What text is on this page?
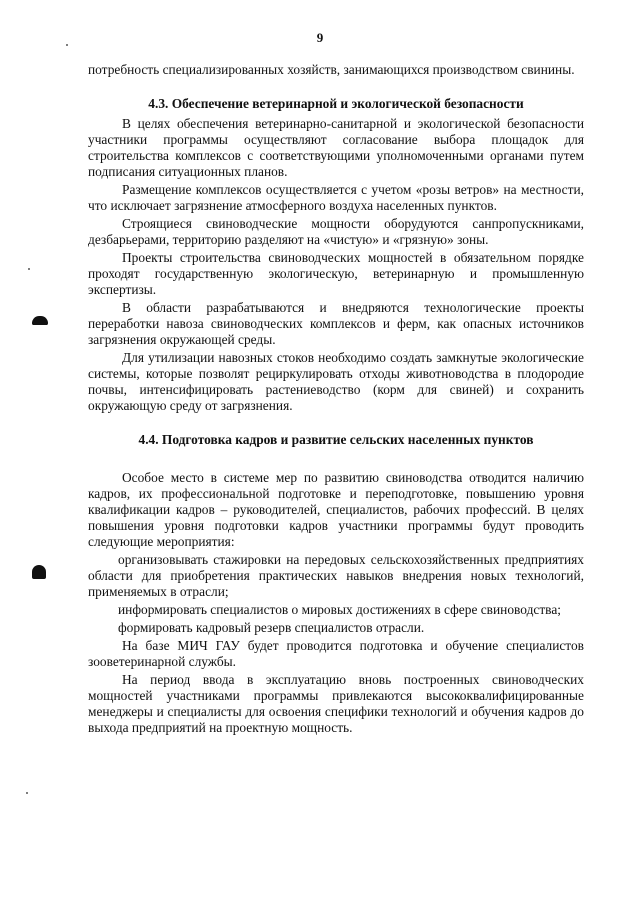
9

потребность специализированных хозяйств, занимающихся производством свинины.

4.3. Обеспечение ветеринарной и экологической безопасности

В целях обеспечения ветеринарно-санитарной и экологической безопасности участники программы осуществляют согласование выбора площадок для строительства комплексов с соответствующими уполномоченными органами путем подписания ситуационных планов.

Размещение комплексов осуществляется с учетом «розы ветров» на местности, что исключает загрязнение атмосферного воздуха населенных пунктов.

Строящиеся свиноводческие мощности оборудуются санпропускниками, дезбарьерами, территорию разделяют на «чистую» и «грязную» зоны.

Проекты строительства свиноводческих мощностей в обязательном порядке проходят государственную экологическую, ветеринарную и промышленную экспертизы.

В области разрабатываются и внедряются технологические проекты переработки навоза свиноводческих комплексов и ферм, как опасных источников загрязнения окружающей среды.

Для утилизации навозных стоков необходимо создать замкнутые экологические системы, которые позволят рециркулировать отходы животноводства в плодородие почвы, интенсифицировать растениеводство (корм для свиней) и сохранить окружающую среду от загрязнения.

4.4. Подготовка кадров и развитие сельских населенных пунктов

Особое место в системе мер по развитию свиноводства отводится наличию кадров, их профессиональной подготовке и переподготовке, повышению уровня квалификации кадров – руководителей, специалистов, рабочих профессий. В целях повышения уровня подготовки кадров участники программы будут проводить следующие мероприятия:

организовывать стажировки на передовых сельскохозяйственных предприятиях области для приобретения практических навыков внедрения новых технологий, применяемых в отрасли;

информировать специалистов о мировых достижениях в сфере свиноводства;

формировать кадровый резерв специалистов отрасли.

На базе МИЧ ГАУ будет проводится подготовка и обучение специалистов зооветеринарной службы.

На период ввода в эксплуатацию вновь построенных свиноводческих мощностей участниками программы привлекаются высококвалифицированные менеджеры и специалисты для освоения специфики технологий и обучения кадров до выхода предприятий на проектную мощность.
